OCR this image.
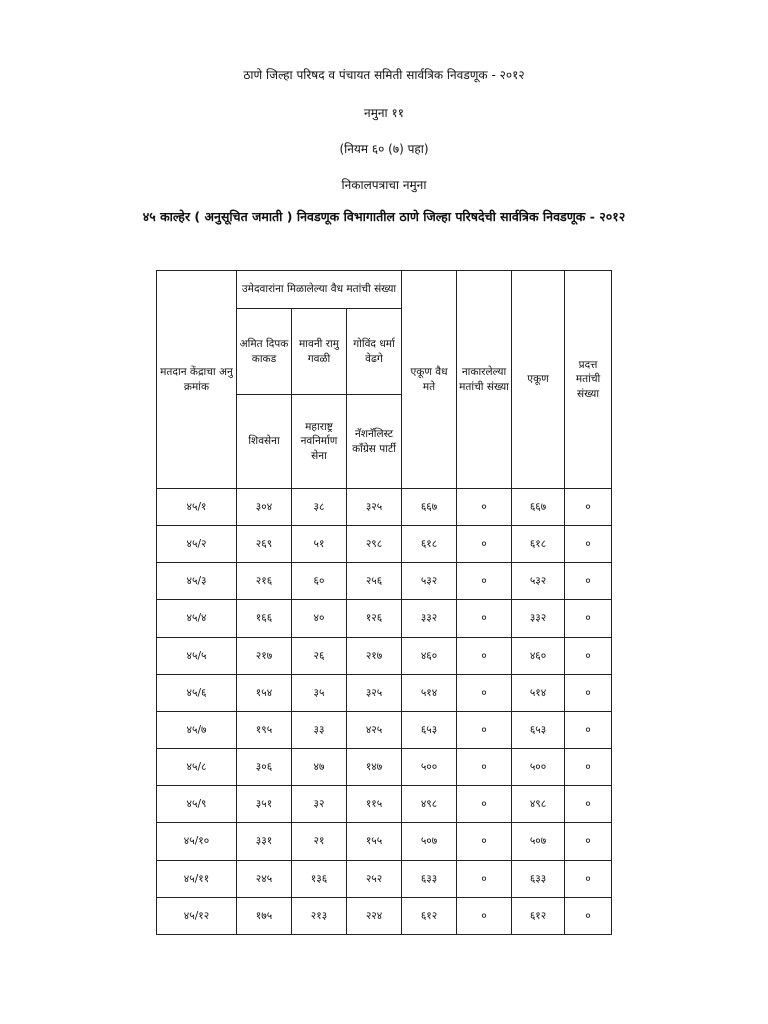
ठाणे जिल्हा परिषद व पंचायत समिती सार्वत्रिक निवडणूक - २०१२
नमुना ११
(नियम ६० (७) पहा)
निकालपत्राचा नमुना
४५ काल्हेर ( अनुसूचित जमाती ) निवडणूक विभागातील ठाणे जिल्हा परिषदेची सार्वत्रिक निवडणूक - २०१२
मतदान केंद्राचा अनु क्रमांक	उमेदवारांना मिळालेल्या वैध मतांची संख्या			एकूण वैध मते	नाकारलेल्या मतांची संख्या	एकूण	प्रदत्त मतांची संख्या
	अमित दिपक काकड	मावनी रामु गवळी	गोविंद धर्मा वेढगे				
	शिवसेना	महाराष्ट्र नवनिर्माण सेना	नॅशनॅलिस्ट कॉंग्रेस पार्टी				
४५/१	३०४	३८	३२५	६६७	०	६६७	०
४५/२	२६९	५१	२९८	६१८	०	६१८	०
४५/३	२१६	६०	२५६	५३२	०	५३२	०
४५/४	१६६	४०	१२६	३३२	०	३३२	०
४५/५	२१७	२६	२१७	४६०	०	४६०	०
४५/६	१५४	३५	३२५	५१४	०	५१४	०
४५/७	१९५	३३	४२५	६५३	०	६५३	०
४५/८	३०६	४७	१४७	५००	०	५००	०
४५/९	३५१	३२	११५	४९८	०	४९८	०
४५/१०	३३१	२१	१५५	५०७	०	५०७	०
४५/११	२४५	१३६	२५२	६३३	०	६३३	०
४५/१२	१७५	२१३	२२४	६१२	०	६१२	०
